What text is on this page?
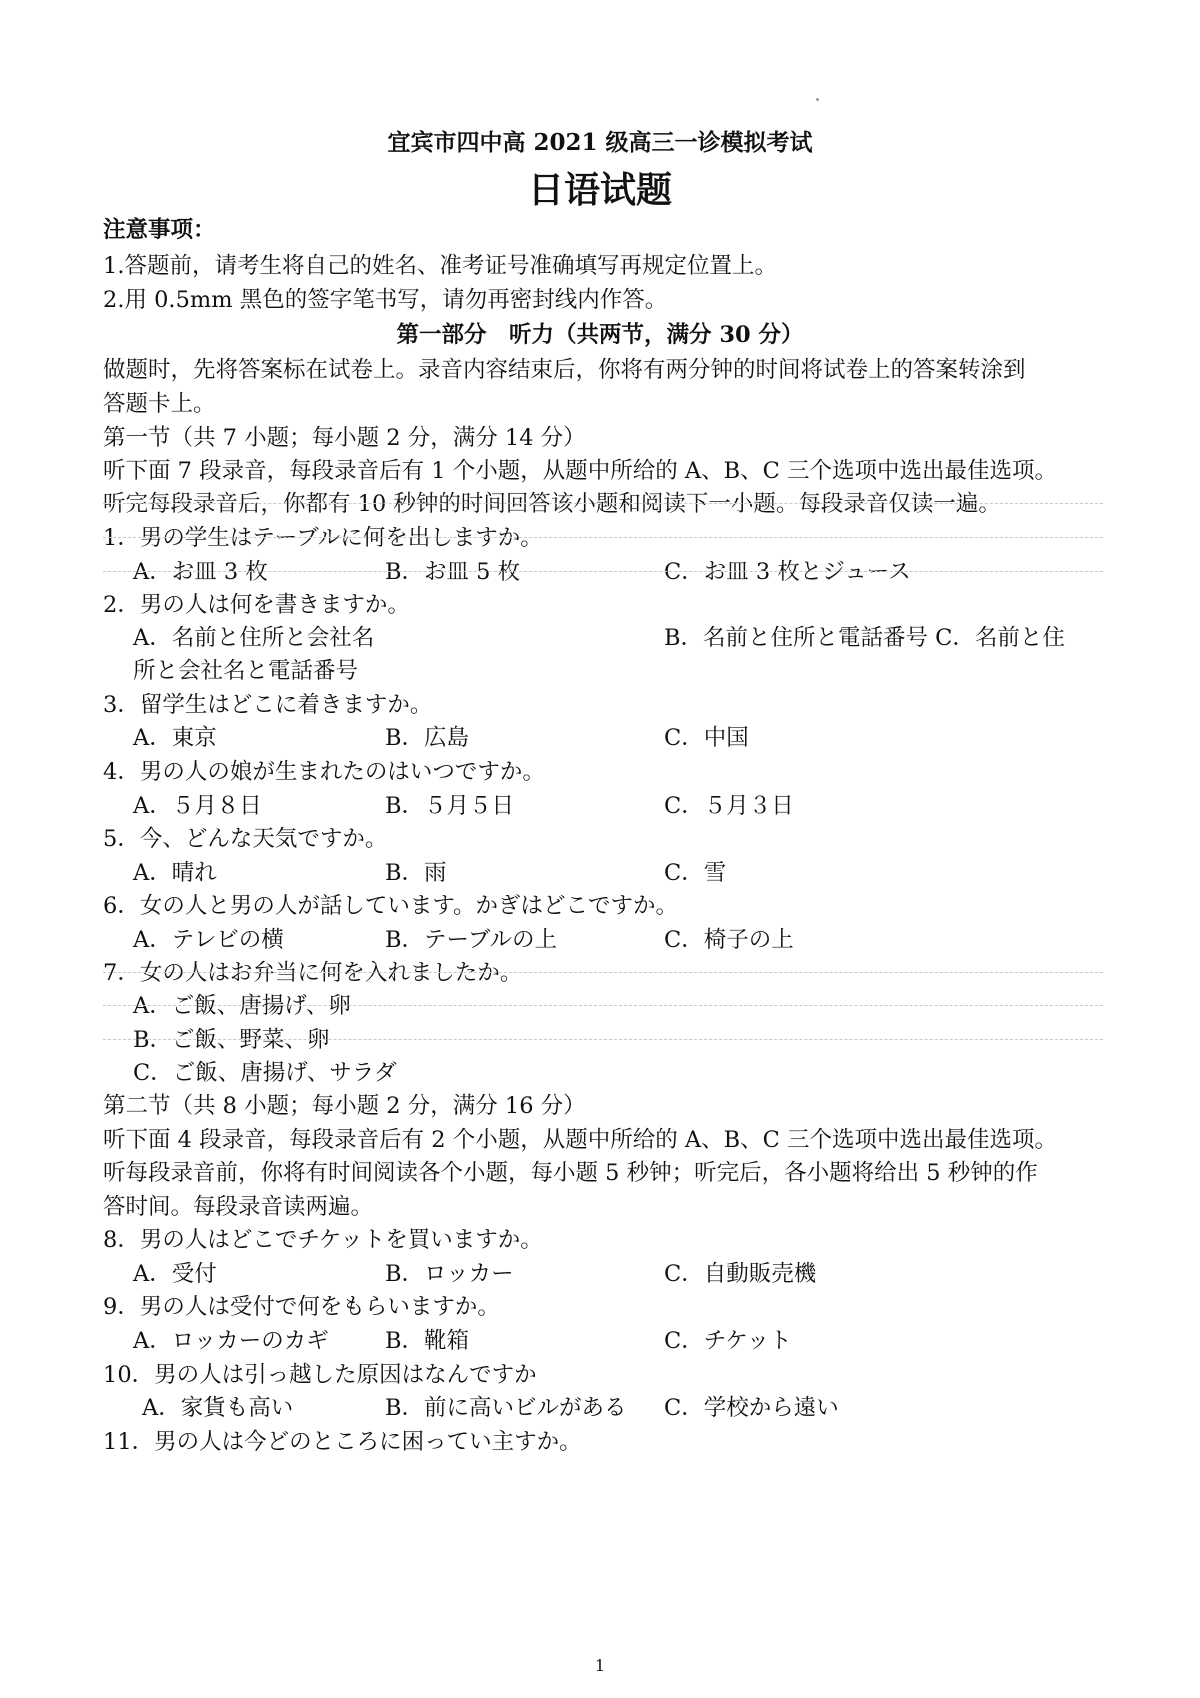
宜宾市四中高 2021 级高三一诊模拟考试
日语试题
注意事项：
1.答题前，请考生将自己的姓名、准考证号准确填写再规定位置上。
2.用 0.5mm 黑色的签字笔书写，请勿再密封线内作答。
第一部分　听力（共两节，满分 30 分）
做题时，先将答案标在试卷上。录音内容结束后，你将有两分钟的时间将试卷上的答案转涂到
答题卡上。
第一节（共 7 小题；每小题 2 分，满分 14 分）
听下面 7 段录音，每段录音后有 1 个小题，从题中所给的 A、B、C 三个选项中选出最佳选项。
听完每段录音后，你都有 10 秒钟的时间回答该小题和阅读下一小题。每段录音仅读一遍。
1．男の学生はテーブルに何を出しますか。
A．お皿 3 枚	B．お皿 5 枚	C．お皿 3 枚とジュース
2．男の人は何を書きますか。
A．名前と住所と会社名	B．名前と住所と電話番号 C．名前と住
所と会社名と電話番号
3．留学生はどこに着きますか。
A．東京	B．広島	C．中国
4．男の人の娘が生まれたのはいつですか。
A．５月８日	B．５月５日	C．５月３日
5．今、どんな天気ですか。
A．晴れ	B．雨	C．雪
6．女の人と男の人が話しています。かぎはどこですか。
A．テレビの横	B．テーブルの上	C．椅子の上
7．女の人はお弁当に何を入れましたか。
A．ご飯、唐揚げ、卵
B．ご飯、野菜、卵
C．ご飯、唐揚げ、サラダ
第二节（共 8 小题；每小题 2 分，满分 16 分）
听下面 4 段录音，每段录音后有 2 个小题，从题中所给的 A、B、C 三个选项中选出最佳选项。
听每段录音前，你将有时间阅读各个小题，每小题 5 秒钟；听完后，各小题将给出 5 秒钟的作
答时间。每段录音读两遍。
8．男の人はどこでチケットを買いますか。
A．受付	B．ロッカー	C．自動販売機
9．男の人は受付で何をもらいますか。
A．ロッカーのカギ B．靴箱	C．チケット
10．男の人は引っ越した原因はなんですか
A．家貨も高い	B．前に高いビルがある C．学校から遠い
11．男の人は今どのところに困ってい主すか。
1
